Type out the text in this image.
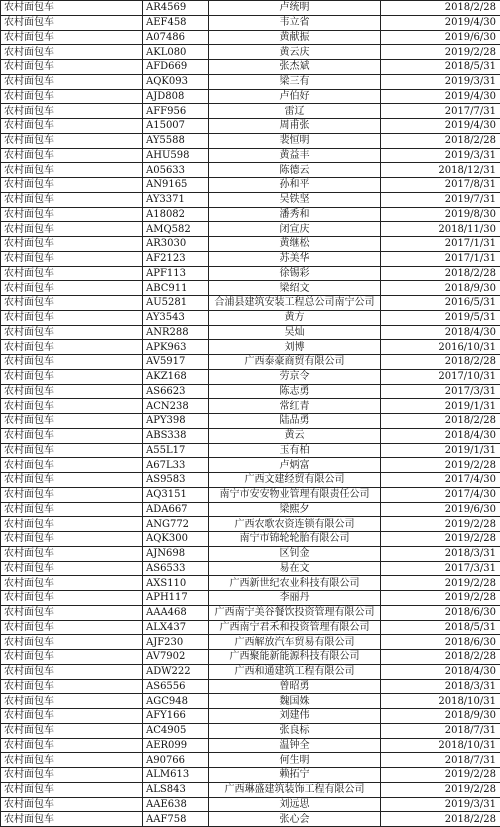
农村面包车	AR4569	卢统明	2018/2/28
农村面包车	AEF458	韦立省	2019/4/30
农村面包车	A07486	黄献振	2019/6/30
农村面包车	AKL080	黄云庆	2019/2/28
农村面包车	AFD669	张杰斌	2018/5/31
农村面包车	AQK093	梁三有	2019/3/31
农村面包车	AJD808	卢伯好	2019/4/30
农村面包车	AFF956	雷辽	2017/7/31
农村面包车	A15007	周甫张	2019/4/30
农村面包车	AY5588	裴恒明	2018/2/28
农村面包车	AHU598	黄益丰	2019/3/31
农村面包车	A05633	陈德云	2018/12/31
农村面包车	AN9165	孙和平	2017/8/31
农村面包车	AY3371	吴铁坚	2019/7/31
农村面包车	A18082	潘秀和	2019/8/30
农村面包车	AMQ582	闭宣庆	2018/11/30
农村面包车	AR3030	黄继松	2017/1/31
农村面包车	AF2123	苏美华	2017/1/31
农村面包车	APF113	徐锡彩	2018/2/28
农村面包车	ABC911	梁绍文	2018/9/30
农村面包车	AU5281	合浦县建筑安装工程总公司南宁公司	2016/5/31
农村面包车	AY3543	黄方	2019/5/31
农村面包车	ANR288	吴灿	2018/4/30
农村面包车	APK963	刘博	2016/10/31
农村面包车	AV5917	广西泰豪商贸有限公司	2018/2/28
农村面包车	AKZ168	劳京令	2017/10/31
农村面包车	AS6623	陈志勇	2017/3/31
农村面包车	ACN238	常红青	2019/1/31
农村面包车	APY398	陆品勇	2018/2/28
农村面包车	ABS338	黄云	2018/4/30
农村面包车	A55L17	玉有柏	2019/1/31
农村面包车	A67L33	卢炳富	2019/2/28
农村面包车	AS9583	广西文建经贸有限公司	2017/4/30
农村面包车	AQ3151	南宁市安安物业管理有限责任公司	2017/4/30
农村面包车	ADA667	梁熙夕	2019/6/30
农村面包车	ANG772	广西农歌农资连锁有限公司	2019/2/28
农村面包车	AQK300	南宁市锦轮轮胎有限公司	2019/2/28
农村面包车	AJN698	区钊金	2018/3/31
农村面包车	AS6533	易在文	2017/3/31
农村面包车	AXS110	广西新世纪农业科技有限公司	2019/2/28
农村面包车	APH117	李丽丹	2019/2/28
农村面包车	AAA468	广西南宁美谷餐饮投资管理有限公司	2018/6/30
农村面包车	ALX437	广西南宁君禾和投资管理有限公司	2018/5/31
农村面包车	AJF230	广西解放汽车贸易有限公司	2018/6/30
农村面包车	AV7902	广西聚能新能源科技有限公司	2018/2/28
农村面包车	ADW222	广西和通建筑工程有限公司	2018/4/30
农村面包车	AS6556	曾昭勇	2018/3/31
农村面包车	AGC948	魏国姝	2018/10/31
农村面包车	AFY166	刘建伟	2018/9/30
农村面包车	AC4905	张良标	2018/7/31
农村面包车	AER099	温钟全	2018/10/31
农村面包车	A90766	何生明	2018/7/31
农村面包车	ALM613	赖拓宁	2019/2/28
农村面包车	ALS843	广西琳盛建筑装饰工程有限公司	2019/2/28
农村面包车	AAE638	刘远思	2019/3/31
农村面包车	AAF758	张心会	2018/2/28
